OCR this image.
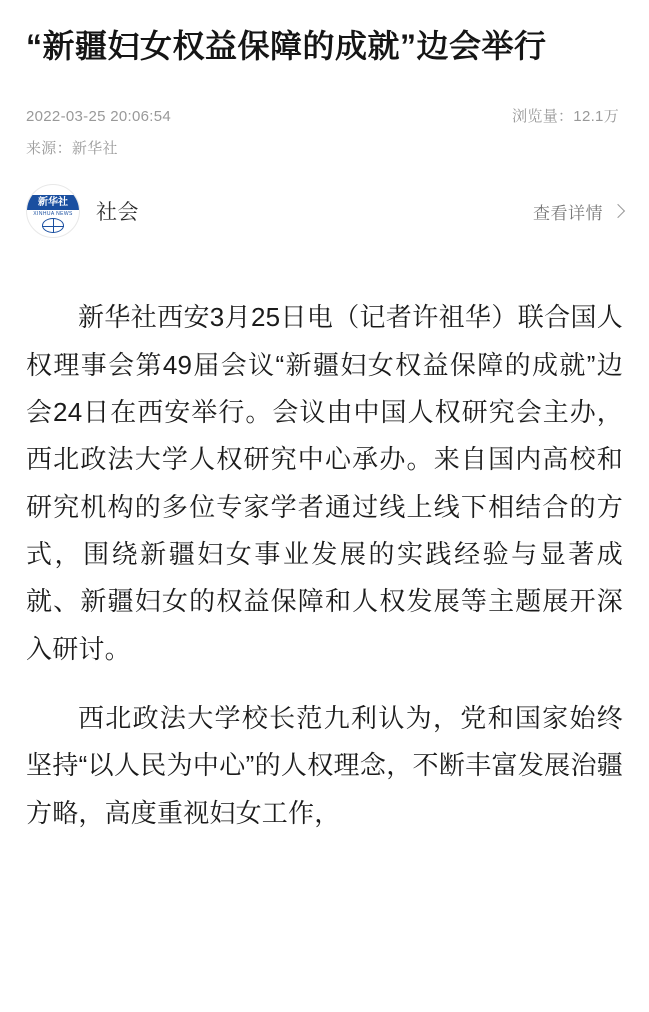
“新疆妇女权益保障的成就”边会举行
2022-03-25 20:06:54	浏览量：12.1万
来源：新华社
新华社
XINHUA NEWS 社会	查看详情

新华社西安3月25日电（记者许祖华）联合国人权理事会第49届会议“新疆妇女权益保障的成就”边会24日在西安举行。会议由中国人权研究会主办，西北政法大学人权研究中心承办。来自国内高校和研究机构的多位专家学者通过线上线下相结合的方式，围绕新疆妇女事业发展的实践经验与显著成就、新疆妇女的权益保障和人权发展等主题展开深入研讨。

西北政法大学校长范九利认为，党和国家始终坚持“以人民为中心”的人权理念，不断丰富发展治疆方略，高度重视妇女工作，
